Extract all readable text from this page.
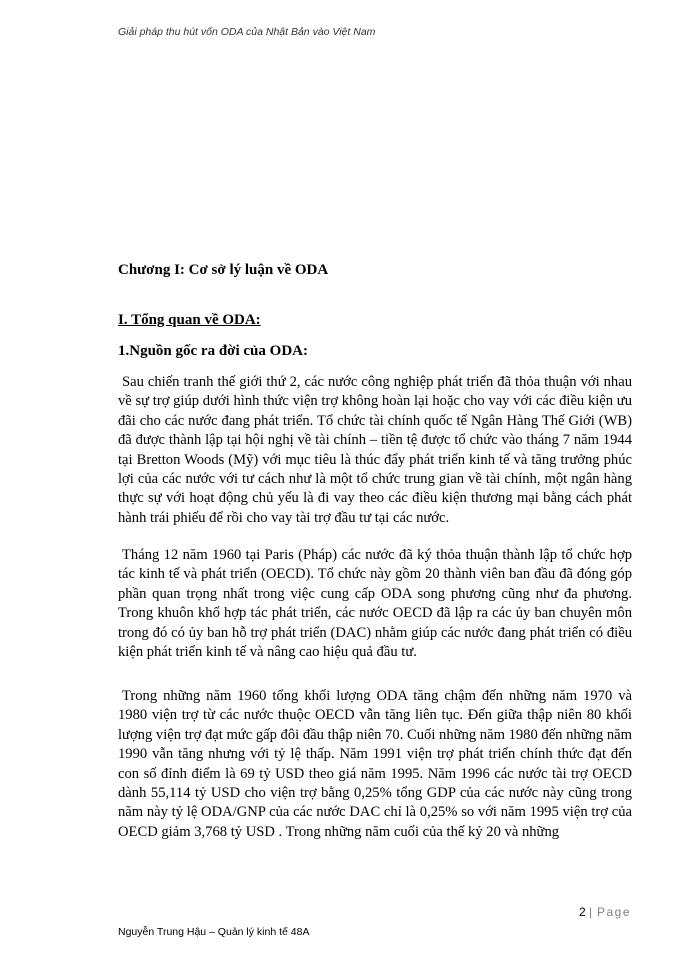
Giải pháp thu hút vốn ODA của Nhật Bản vào Việt Nam
Chương I: Cơ sở lý luận về ODA
I. Tổng quan về ODA:
1.Nguồn gốc ra đời của ODA:
Sau chiến tranh thế giới thứ 2, các nước công nghiệp phát triển đã thỏa thuận với nhau về sự trợ giúp dưới hình thức viện trợ không hoàn lại hoặc cho vay với các điều kiện ưu đãi cho các nước đang phát triển. Tổ chức tài chính quốc tế Ngân Hàng Thế Giới (WB) đã được thành lập tại hội nghị về tài chính – tiền tệ được tổ chức vào tháng 7 năm 1944 tại Bretton Woods (Mỹ) với mục tiêu là thúc đẩy phát triển kinh tế và tăng trưởng phúc lợi của các nước với tư cách như là một tổ chức trung gian về tài chính, một ngân hàng thực sự với hoạt động chủ yếu là đi vay theo các điều kiện thương mại bằng cách phát hành trái phiếu để rồi cho vay tài trợ đầu tư tại các nước.
Tháng 12 năm 1960 tại Paris (Pháp) các nước đã ký thỏa thuận thành lập tổ chức hợp tác kinh tế và phát triển (OECD). Tổ chức này gồm 20 thành viên ban đầu đã đóng góp phần quan trọng nhất trong việc cung cấp ODA song phương cũng như đa phương. Trong khuôn khổ hợp tác phát triển, các nước OECD đã lập ra các ủy ban chuyên môn trong đó có ủy ban hỗ trợ phát triển (DAC) nhằm giúp các nước đang phát triển có điều kiện phát triển kinh tế và nâng cao hiệu quả đầu tư.
Trong những năm 1960 tổng khối lượng ODA tăng chậm đến những năm 1970 và 1980 viện trợ từ các nước thuộc OECD vẫn tăng liên tục. Đến giữa thập niên 80 khối lượng viện trợ đạt mức gấp đôi đầu thập niên 70. Cuối những năm 1980 đến những năm 1990 vẫn tăng nhưng với tỷ lệ thấp. Năm 1991 viện trợ phát triển chính thức đạt đến con số đỉnh điểm là 69 tỷ USD theo giá năm 1995. Năm 1996 các nước tài trợ OECD dành 55,114 tỷ USD cho viện trợ bằng 0,25% tổng GDP của các nước này cũng trong năm này tỷ lệ ODA/GNP của các nước DAC chỉ là 0,25% so với năm 1995 viện trợ của OECD giảm 3,768 tỷ USD . Trong những năm cuối của thế kỷ 20 và những
2 | Page
Nguyễn Trung Hậu – Quản lý kinh tế 48A
